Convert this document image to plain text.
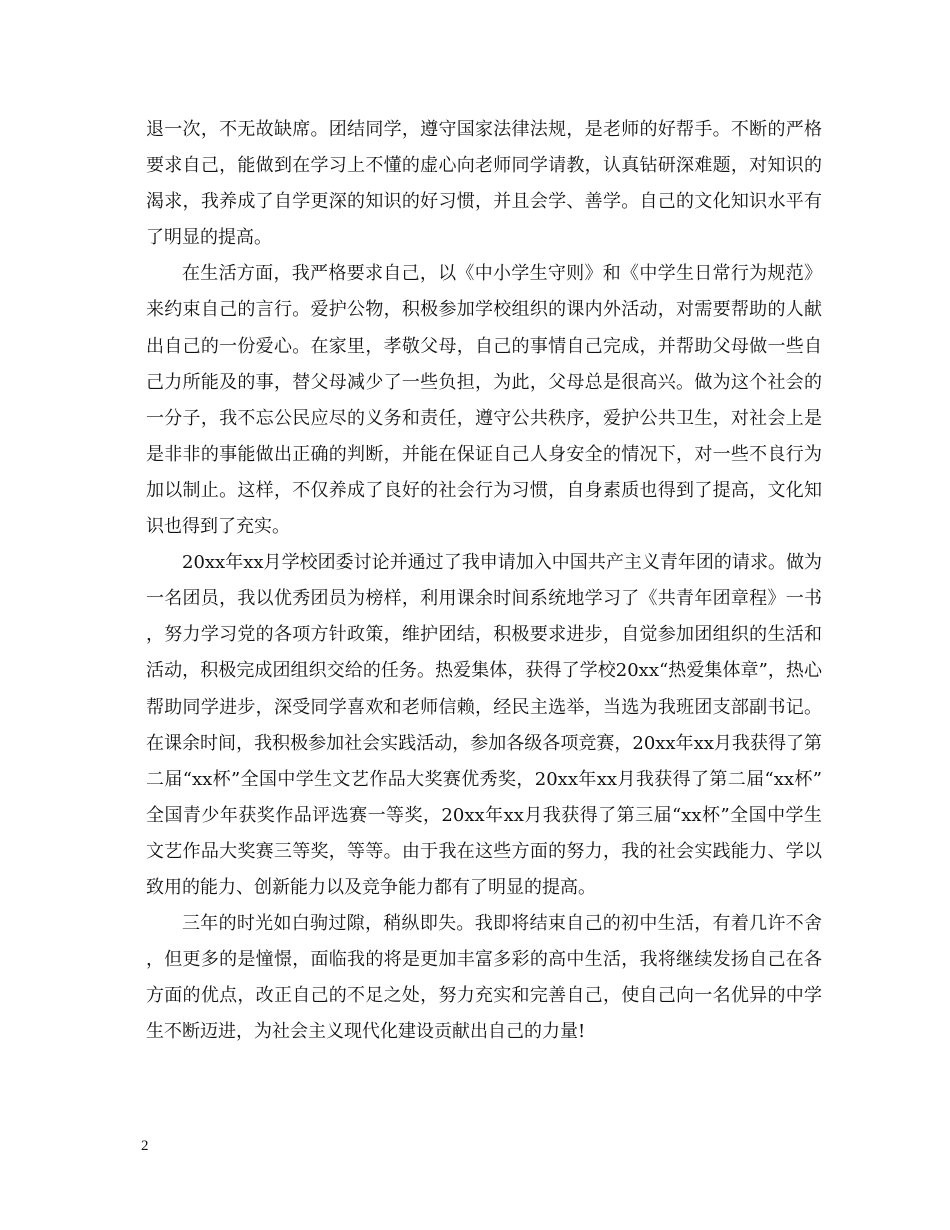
退一次，不无故缺席。团结同学，遵守国家法律法规，是老师的好帮手。不断的严格要求自己，能做到在学习上不懂的虚心向老师同学请教，认真钻研深难题，对知识的渴求，我养成了自学更深的知识的好习惯，并且会学、善学。自己的文化知识水平有了明显的提高。

在生活方面，我严格要求自己，以《中小学生守则》和《中学生日常行为规范》来约束自己的言行。爱护公物，积极参加学校组织的课内外活动，对需要帮助的人献出自己的一份爱心。在家里，孝敬父母，自己的事情自己完成，并帮助父母做一些自己力所能及的事，替父母减少了一些负担，为此，父母总是很高兴。做为这个社会的一分子，我不忘公民应尽的义务和责任，遵守公共秩序，爱护公共卫生，对社会上是是非非的事能做出正确的判断，并能在保证自己人身安全的情况下，对一些不良行为加以制止。这样，不仅养成了良好的社会行为习惯，自身素质也得到了提高，文化知识也得到了充实。

20xx年xx月学校团委讨论并通过了我申请加入中国共产主义青年团的请求。做为一名团员，我以优秀团员为榜样，利用课余时间系统地学习了《共青年团章程》一书，努力学习党的各项方针政策，维护团结，积极要求进步，自觉参加团组织的生活和活动，积极完成团组织交给的任务。热爱集体，获得了学校20xx“热爱集体章”，热心帮助同学进步，深受同学喜欢和老师信赖，经民主选举，当选为我班团支部副书记。在课余时间，我积极参加社会实践活动，参加各级各项竞赛，20xx年xx月我获得了第二届“xx杯”全国中学生文艺作品大奖赛优秀奖，20xx年xx月我获得了第二届“xx杯”全国青少年获奖作品评选赛一等奖，20xx年xx月我获得了第三届“xx杯”全国中学生文艺作品大奖赛三等奖，等等。由于我在这些方面的努力，我的社会实践能力、学以致用的能力、创新能力以及竞争能力都有了明显的提高。

三年的时光如白驹过隙，稍纵即失。我即将结束自己的初中生活，有着几许不舍，但更多的是憧憬，面临我的将是更加丰富多彩的高中生活，我将继续发扬自己在各方面的优点，改正自己的不足之处，努力充实和完善自己，使自己向一名优异的中学生不断迈进，为社会主义现代化建设贡献出自己的力量!

2
